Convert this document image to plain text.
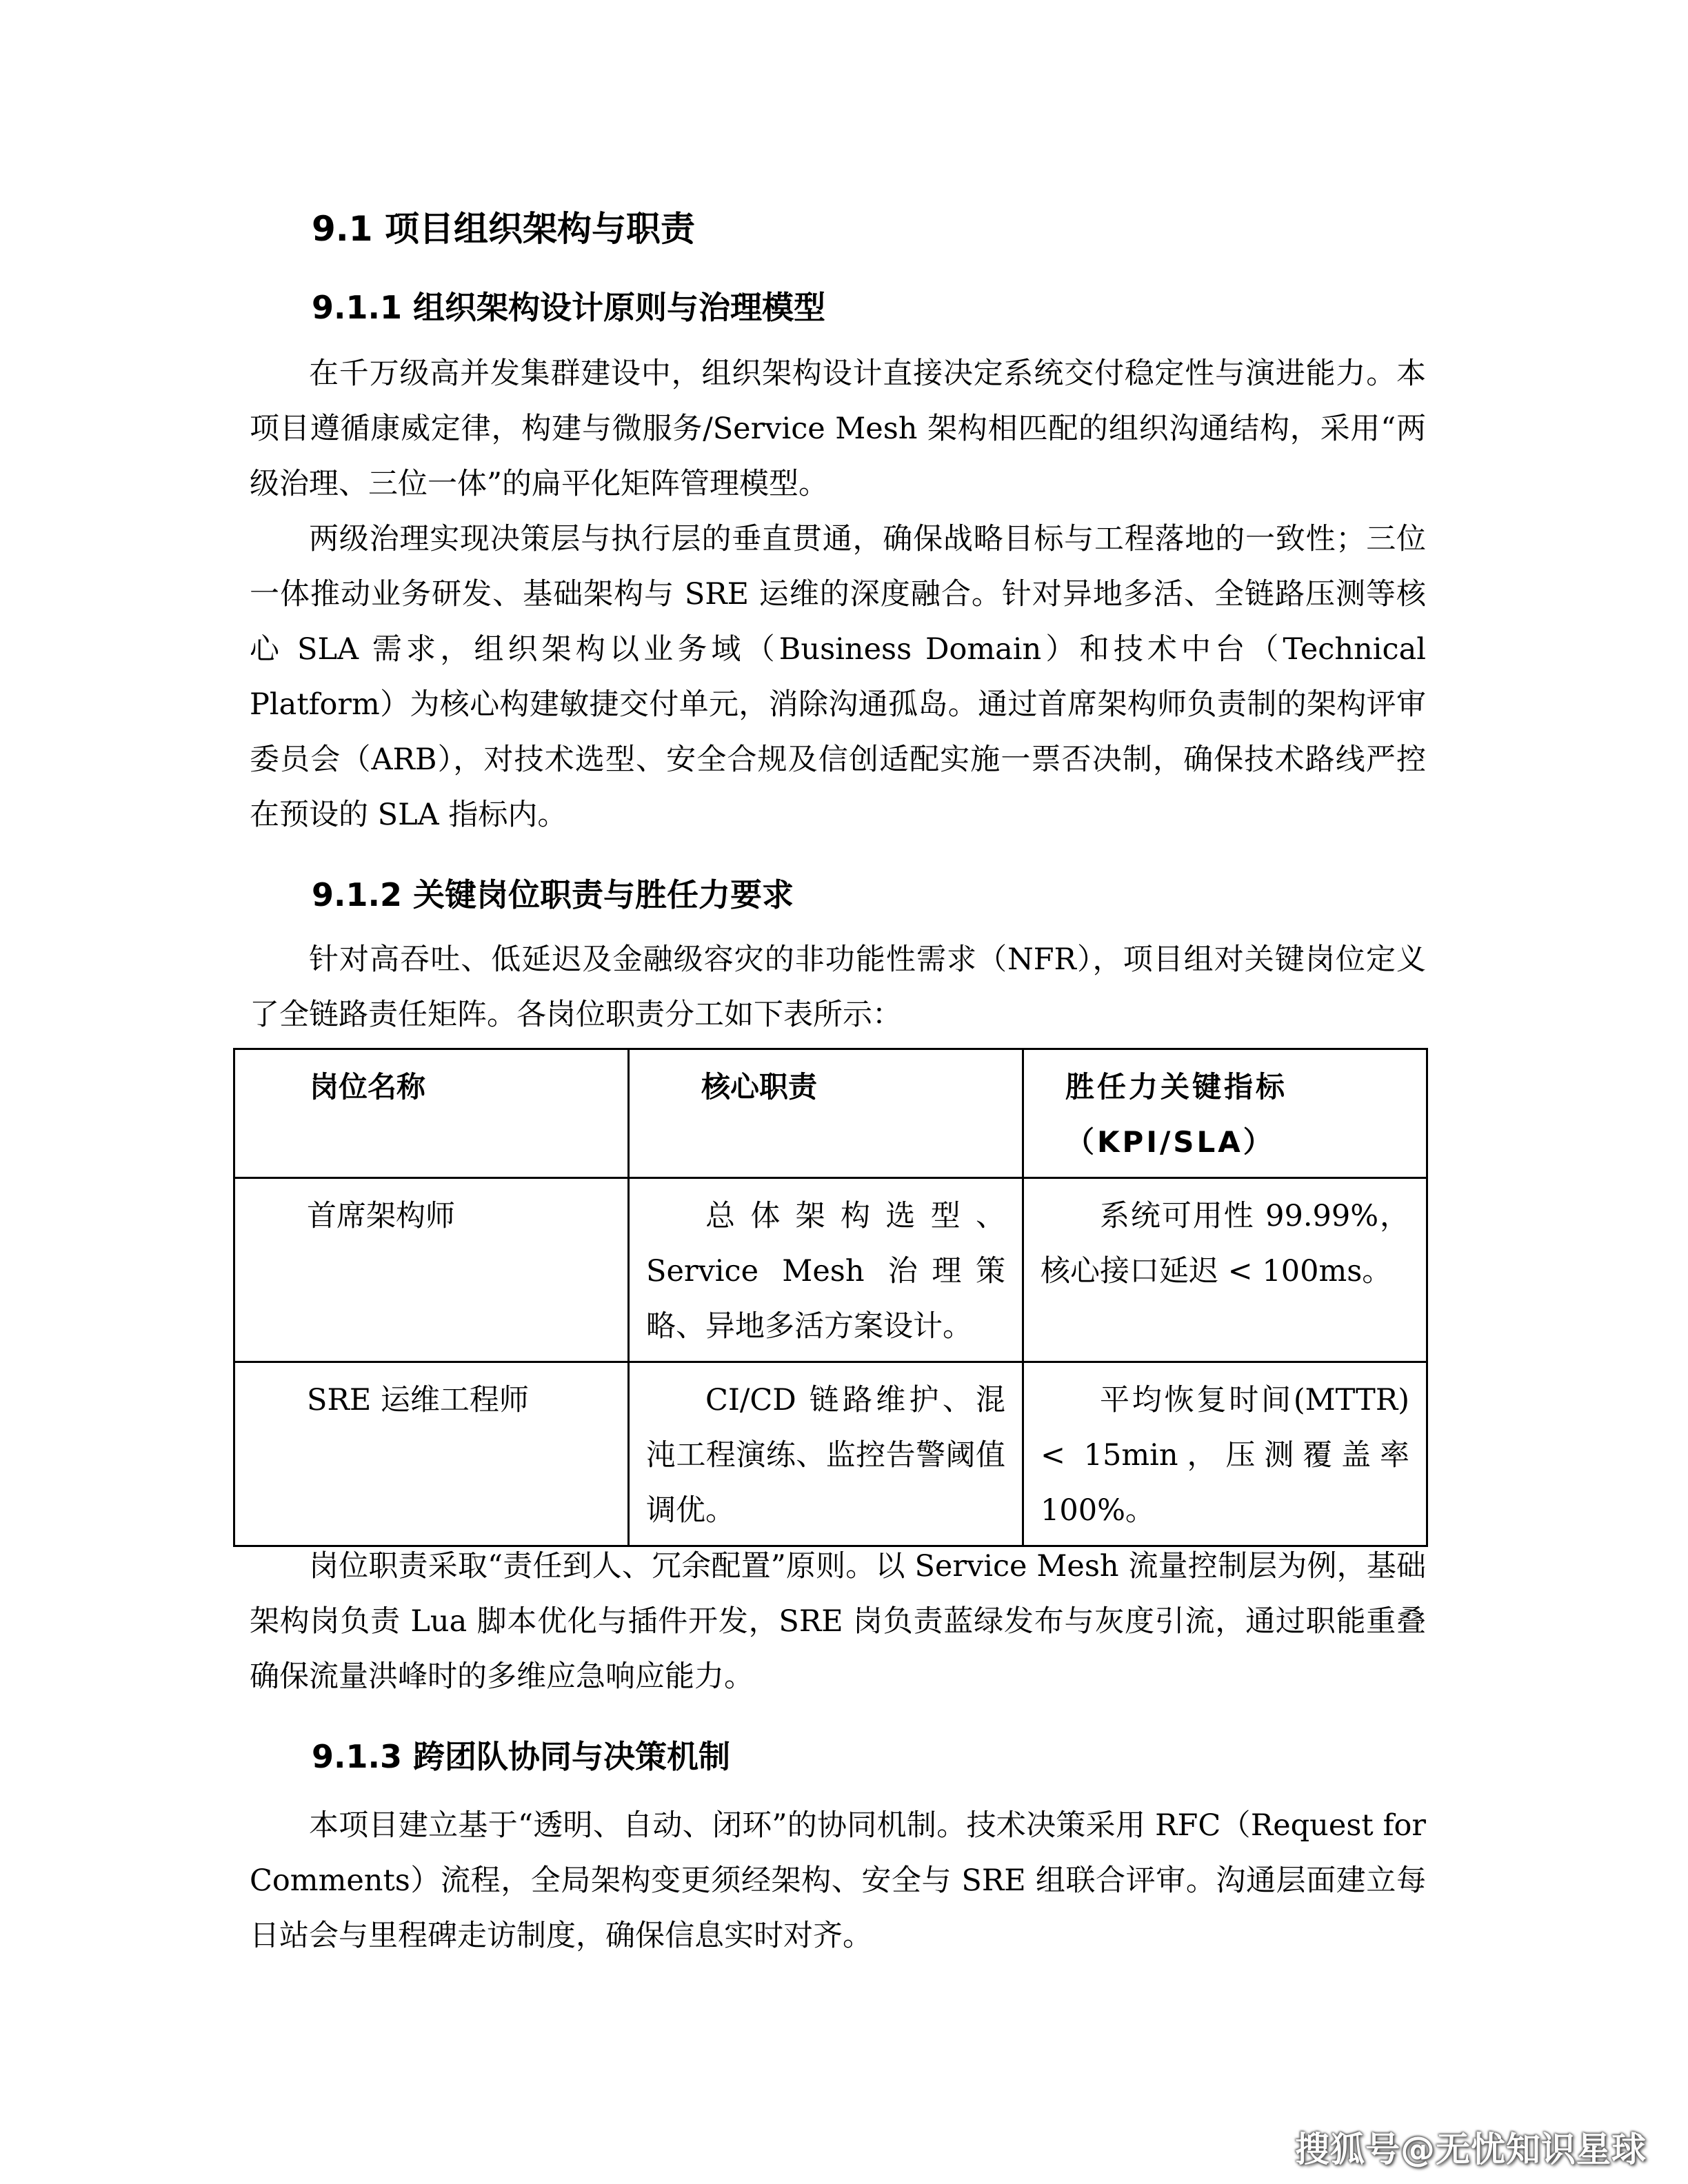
9.1 项目组织架构与职责
9.1.1 组织架构设计原则与治理模型

在千万级高并发集群建设中，组织架构设计直接决定系统交付稳定性与演进能力。本项目遵循康威定律，构建与微服务/Service Mesh 架构相匹配的组织沟通结构，采用“两级治理、三位一体”的扁平化矩阵管理模型。

两级治理实现决策层与执行层的垂直贯通，确保战略目标与工程落地的一致性；三位一体推动业务研发、基础架构与 SRE 运维的深度融合。针对异地多活、全链路压测等核心 SLA 需求，组织架构以业务域（Business Domain）和技术中台（Technical Platform）为核心构建敏捷交付单元，消除沟通孤岛。通过首席架构师负责制的架构评审委员会（ARB），对技术选型、安全合规及信创适配实施一票否决制，确保技术路线严控在预设的 SLA 指标内。

9.1.2 关键岗位职责与胜任力要求

针对高吞吐、低延迟及金融级容灾的非功能性需求（NFR），项目组对关键岗位定义了全链路责任矩阵。各岗位职责分工如下表所示：

岗位名称	核心职责	胜任力关键指标（KPI/SLA）
首席架构师	总体架构选型、Service Mesh 治理策略、异地多活方案设计。	系统可用性 99.99%，核心接口延迟 < 100ms。
SRE 运维工程师	CI/CD 链路维护、混沌工程演练、监控告警阈值调优。	平均恢复时间(MTTR) < 15min，压测覆盖率 100%。

岗位职责采取“责任到人、冗余配置”原则。以 Service Mesh 流量控制层为例，基础架构岗负责 Lua 脚本优化与插件开发，SRE 岗负责蓝绿发布与灰度引流，通过职能重叠确保流量洪峰时的多维应急响应能力。

9.1.3 跨团队协同与决策机制

本项目建立基于“透明、自动、闭环”的协同机制。技术决策采用 RFC（Request for Comments）流程，全局架构变更须经架构、安全与 SRE 组联合评审。沟通层面建立每日站会与里程碑走访制度，确保信息实时对齐。

搜狐号@无忧知识星球
